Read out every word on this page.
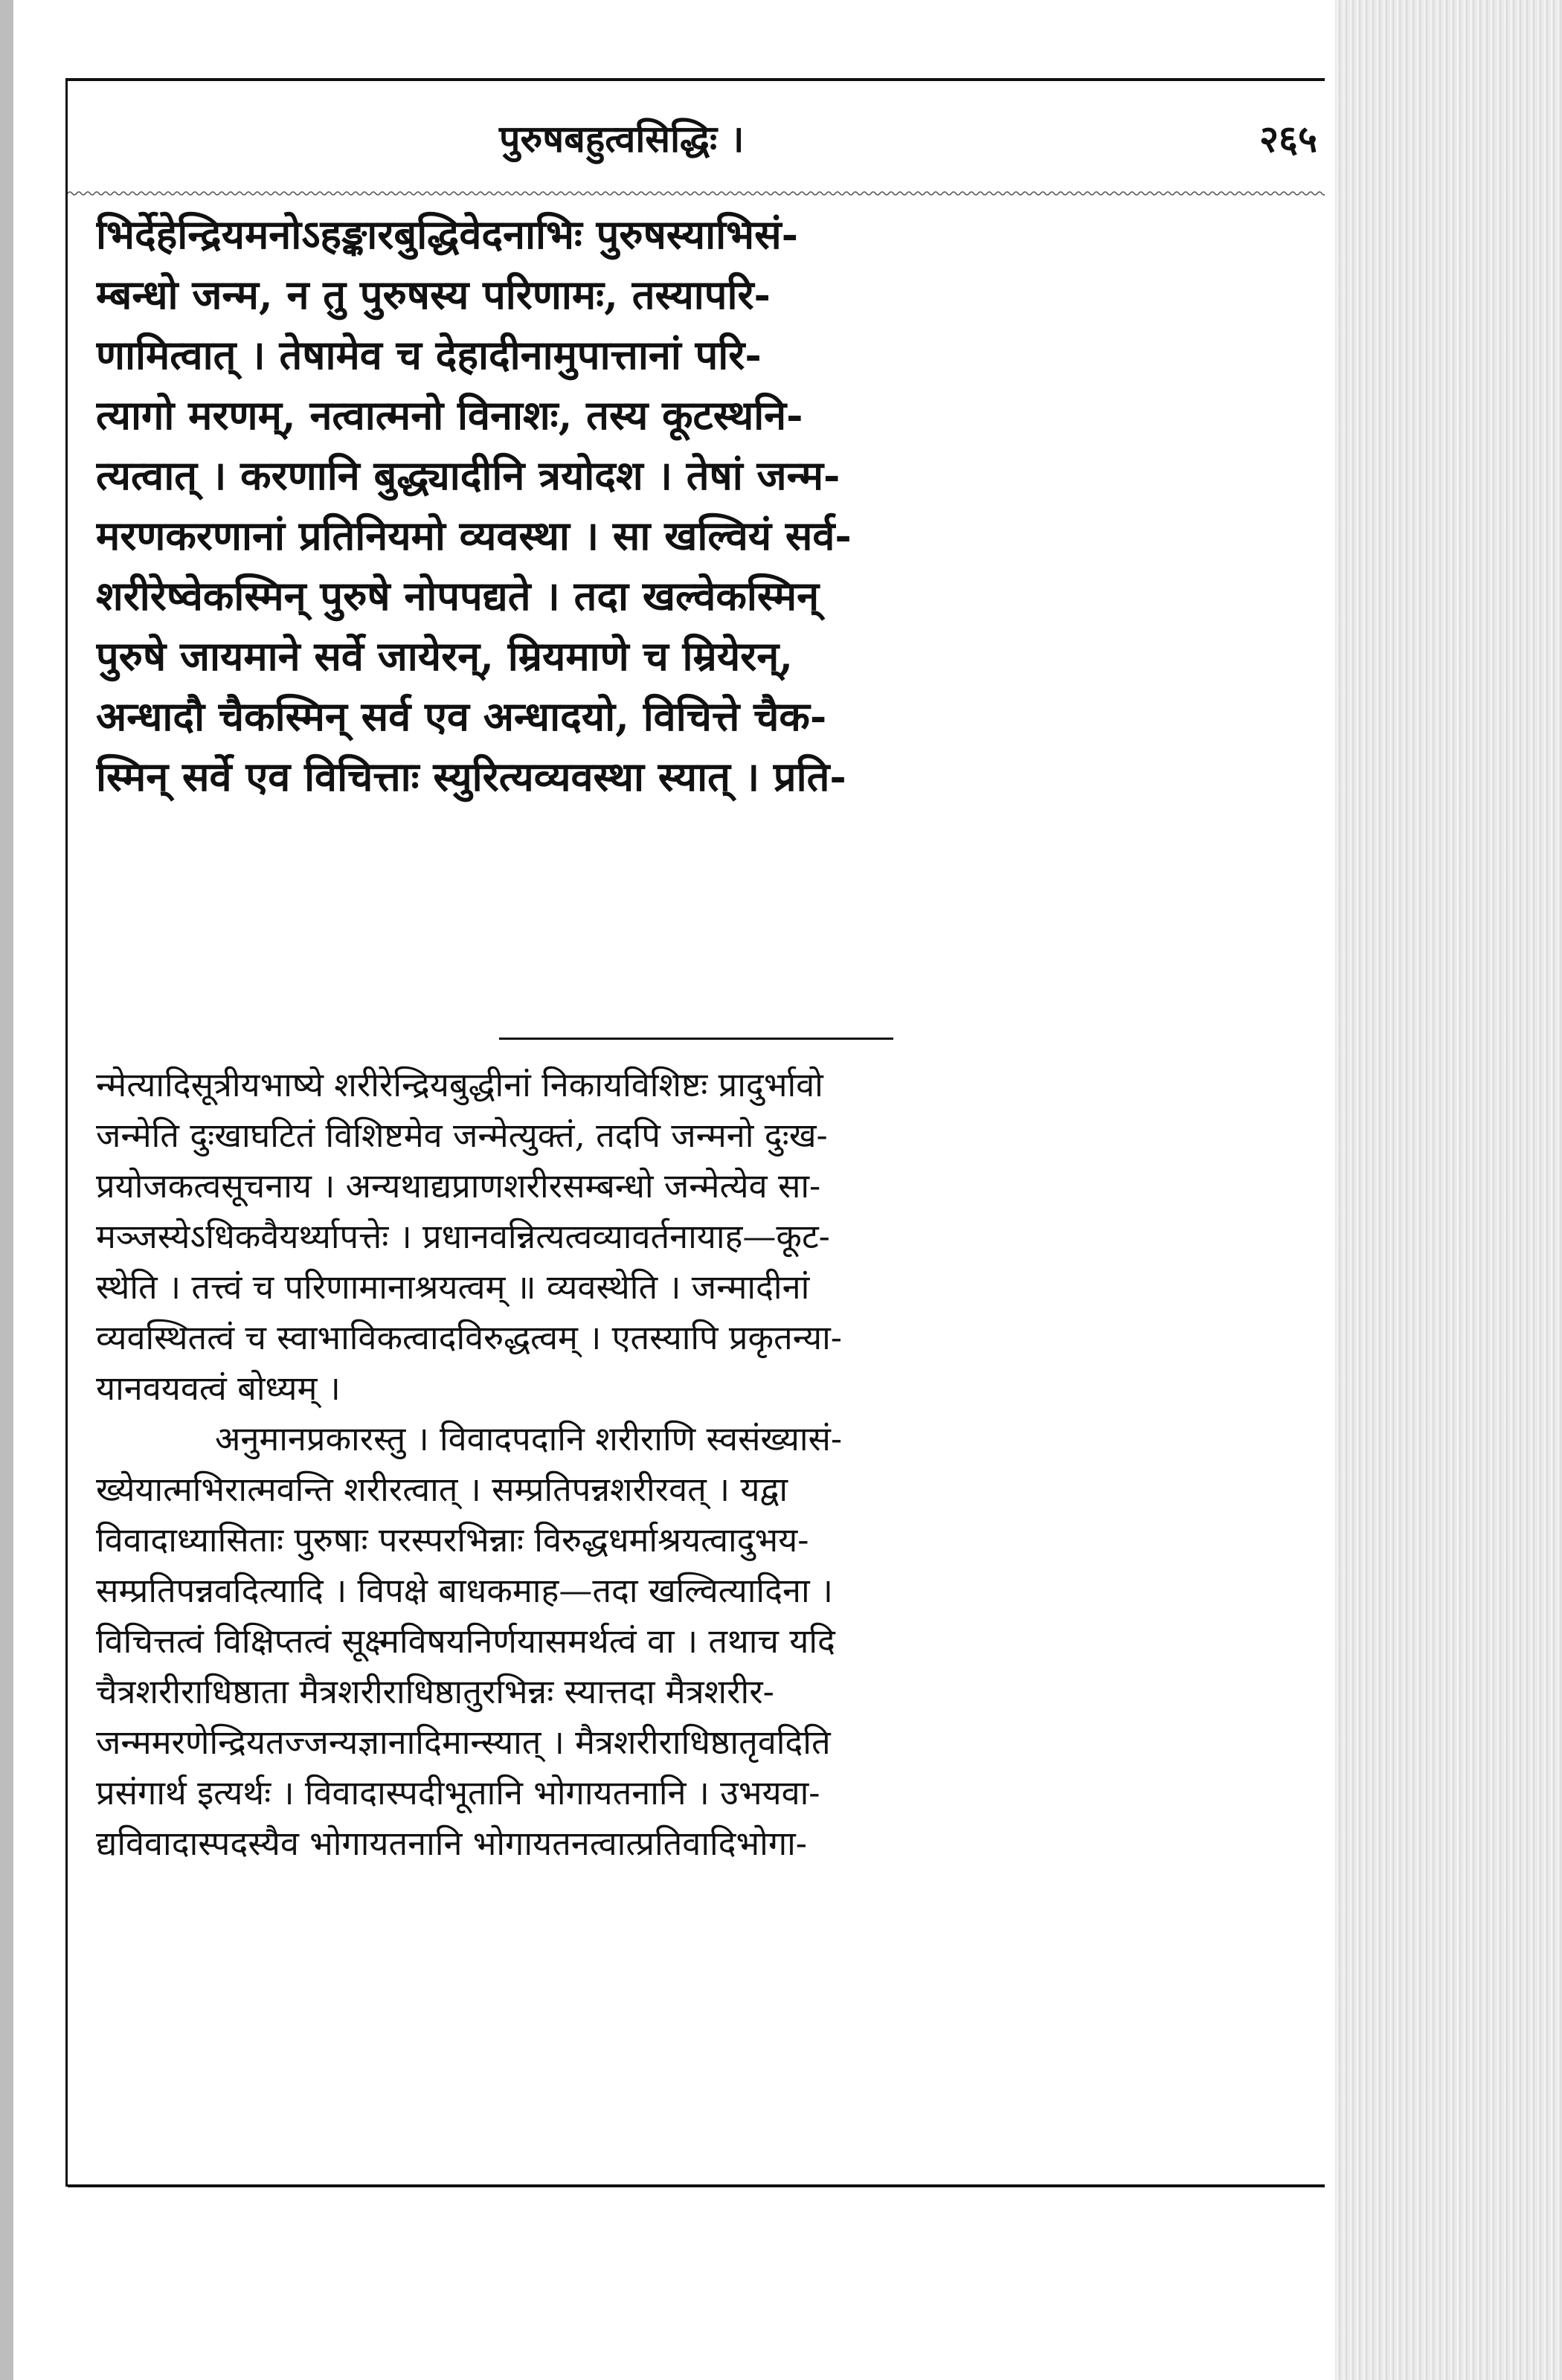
पुरुषबहुत्वसिद्धिः ।	२६५
भिर्देहेन्द्रियमनोऽहङ्कारबुद्धिवेदनाभिः पुरुषस्याभिसं-
म्बन्धो जन्म, न तु पुरुषस्य परिणामः, तस्यापरि-
णामित्वात् । तेषामेव च देहादीनामुपात्तानां परि-
त्यागो मरणम्, नत्वात्मनो विनाशः, तस्य कूटस्थनि-
त्यत्वात् । करणानि बुद्ध्यादीनि त्रयोदश । तेषां जन्म-
मरणकरणानां प्रतिनियमो व्यवस्था । सा खल्वियं सर्व-
शरीरेष्वेकस्मिन् पुरुषे नोपपद्यते । तदा खल्वेकस्मिन्
पुरुषे जायमाने सर्वे जायेरन्, म्रियमाणे च म्रियेरन्,
अन्धादौ चैकस्मिन् सर्व एव अन्धादयो, विचित्ते चैक-
स्मिन् सर्वे एव विचित्ताः स्युरित्यव्यवस्था स्यात् । प्रति-
न्मेत्यादिसूत्रीयभाष्ये शरीरेन्द्रियबुद्धीनां निकायविशिष्टः प्रादुर्भावो
जन्मेति दुःखाघटितं विशिष्टमेव जन्मेत्युक्तं, तदपि जन्मनो दुःख-
प्रयोजकत्वसूचनाय । अन्यथाद्यप्राणशरीरसम्बन्धो जन्मेत्येव सा-
मञ्जस्येऽधिकवैयर्थ्यापत्तेः । प्रधानवन्नित्यत्वव्यावर्तनायाह—कूट-
स्थेति । तत्त्वं च परिणामानाश्रयत्वम् ॥ व्यवस्थेति । जन्मादीनां
व्यवस्थितत्वं च स्वाभाविकत्वादविरुद्धत्वम् । एतस्यापि प्रकृतन्या-
यानवयवत्वं बोध्यम् ।
अनुमानप्रकारस्तु । विवादपदानि शरीराणि स्वसंख्यासं-
ख्येयात्मभिरात्मवन्ति शरीरत्वात् । सम्प्रतिपन्नशरीरवत् । यद्वा
विवादाध्यासिताः पुरुषाः परस्परभिन्नाः विरुद्धधर्माश्रयत्वादुभय-
सम्प्रतिपन्नवदित्यादि । विपक्षे बाधकमाह—तदा खल्वित्यादिना ।
विचित्तत्वं विक्षिप्तत्वं सूक्ष्मविषयनिर्णयासमर्थत्वं वा । तथाच यदि
चैत्रशरीराधिष्ठाता मैत्रशरीराधिष्ठातुरभिन्नः स्यात्तदा मैत्रशरीर-
जन्ममरणेन्द्रियतज्जन्यज्ञानादिमान्स्यात् । मैत्रशरीराधिष्ठातृवदिति
प्रसंगार्थ इत्यर्थः । विवादास्पदीभूतानि भोगायतनानि । उभयवा-
द्यविवादास्पदस्यैव भोगायतनानि भोगायतनत्वात्प्रतिवादिभोगा-
